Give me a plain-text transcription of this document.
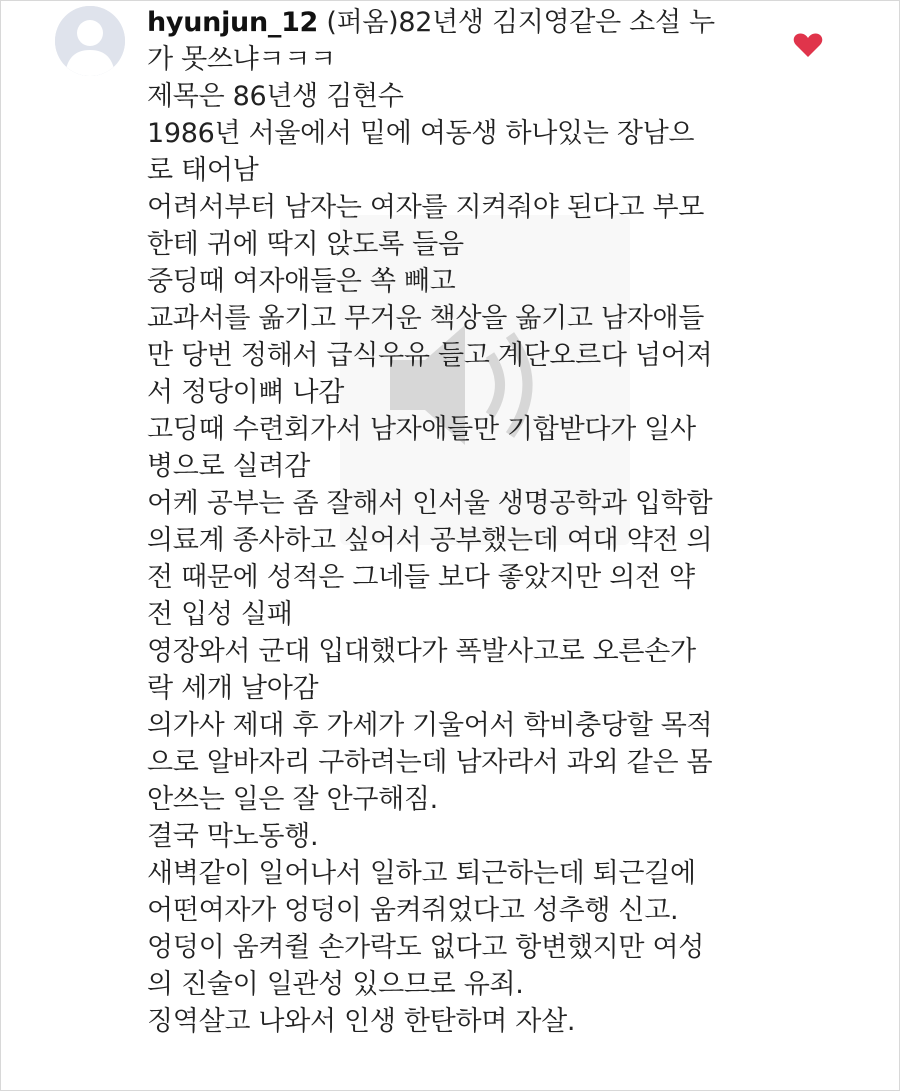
hyunjun_12 (퍼옴)82년생 김지영같은 소설 누
가 못쓰냐ㅋㅋㅋ
제목은 86년생 김현수
1986년 서울에서 밑에 여동생 하나있는 장남으
로 태어남
어려서부터 남자는 여자를 지켜줘야 된다고 부모
한테 귀에 딱지 앉도록 들음
중딩때 여자애들은 쏙 빼고
교과서를 옮기고 무거운 책상을 옮기고 남자애들
만 당번 정해서 급식우유 들고 계단오르다 넘어져
서 정당이뼈 나감
고딩때 수련회가서 남자애들만 기합받다가 일사
병으로 실려감
어케 공부는 좀 잘해서 인서울 생명공학과 입학함
의료계 종사하고 싶어서 공부했는데 여대 약전 의
전 때문에 성적은 그네들 보다 좋았지만 의전 약
전 입성 실패
영장와서 군대 입대했다가 폭발사고로 오른손가
락 세개 날아감
의가사 제대 후 가세가 기울어서 학비충당할 목적
으로 알바자리 구하려는데 남자라서 과외 같은 몸
안쓰는 일은 잘 안구해짐.
결국 막노동행.
새벽같이 일어나서 일하고 퇴근하는데 퇴근길에
어떤여자가 엉덩이 움켜쥐었다고 성추행 신고.
엉덩이 움켜쥘 손가락도 없다고 항변했지만 여성
의 진술이 일관성 있으므로 유죄.
징역살고 나와서 인생 한탄하며 자살.
